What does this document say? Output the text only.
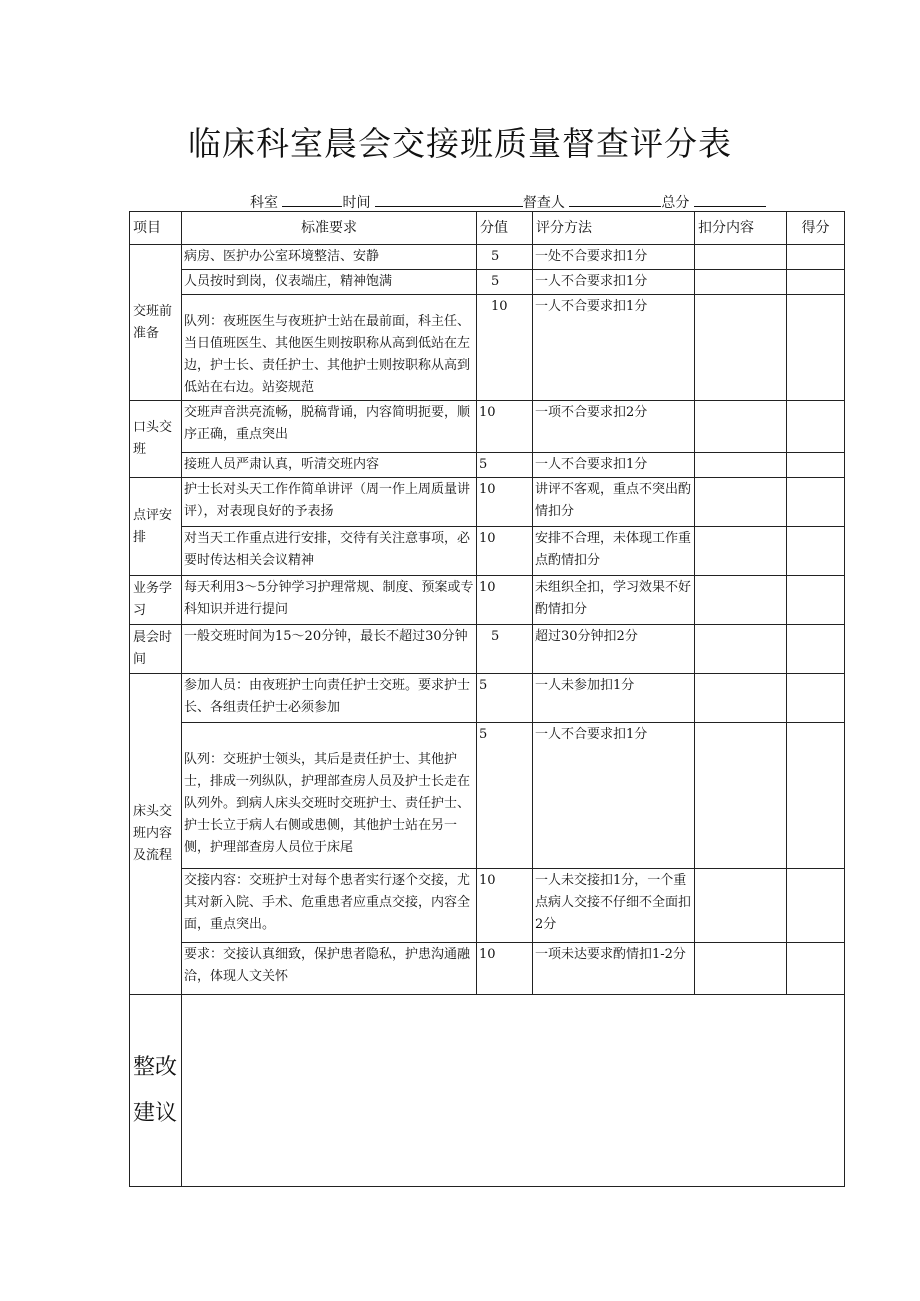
临床科室晨会交接班质量督查评分表
科室	时间	督查人	总分
项目	标准要求	分值	评分方法	扣分内容	得分
交班前准备	病房、医护办公室环境整洁、安静	5	一处不合要求扣1分		
	人员按时到岗，仪表端庄，精神饱满	5	一人不合要求扣1分		
	队列：夜班医生与夜班护士站在最前面，科主任、当日值班医生、其他医生则按职称从高到低站在左边，护士长、责任护士、其他护士则按职称从高到低站在右边。站姿规范	10	一人不合要求扣1分		
口头交班	交班声音洪亮流畅，脱稿背诵，内容简明扼要，顺序正确，重点突出	10	一项不合要求扣2分		
	接班人员严肃认真，听清交班内容	5	一人不合要求扣1分		
点评安排	护士长对头天工作作简单讲评（周一作上周质量讲评），对表现良好的予表扬	10	讲评不客观，重点不突出酌情扣分		
	对当天工作重点进行安排，交待有关注意事项，必要时传达相关会议精神	10	安排不合理，未体现工作重点酌情扣分		
业务学习	每天利用3～5分钟学习护理常规、制度、预案或专科知识并进行提问	10	未组织全扣，学习效果不好酌情扣分		
晨会时间	一般交班时间为15～20分钟，最长不超过30分钟	5	超过30分钟扣2分		
床头交班内容及流程	参加人员：由夜班护士向责任护士交班。要求护士长、各组责任护士必须参加	5	一人未参加扣1分		
	队列：交班护士领头，其后是责任护士、其他护士，排成一列纵队，护理部查房人员及护士长走在队列外。到病人床头交班时交班护士、责任护士、护士长立于病人右侧或患侧，其他护士站在另一侧，护理部查房人员位于床尾	5	一人不合要求扣1分		
	交接内容：交班护士对每个患者实行逐个交接，尤其对新入院、手术、危重患者应重点交接，内容全面，重点突出。	10	一人未交接扣1分，一个重点病人交接不仔细不全面扣2分		
	要求：交接认真细致，保护患者隐私，护患沟通融洽，体现人文关怀	10	一项未达要求酌情扣1-2分		
整改建议					
